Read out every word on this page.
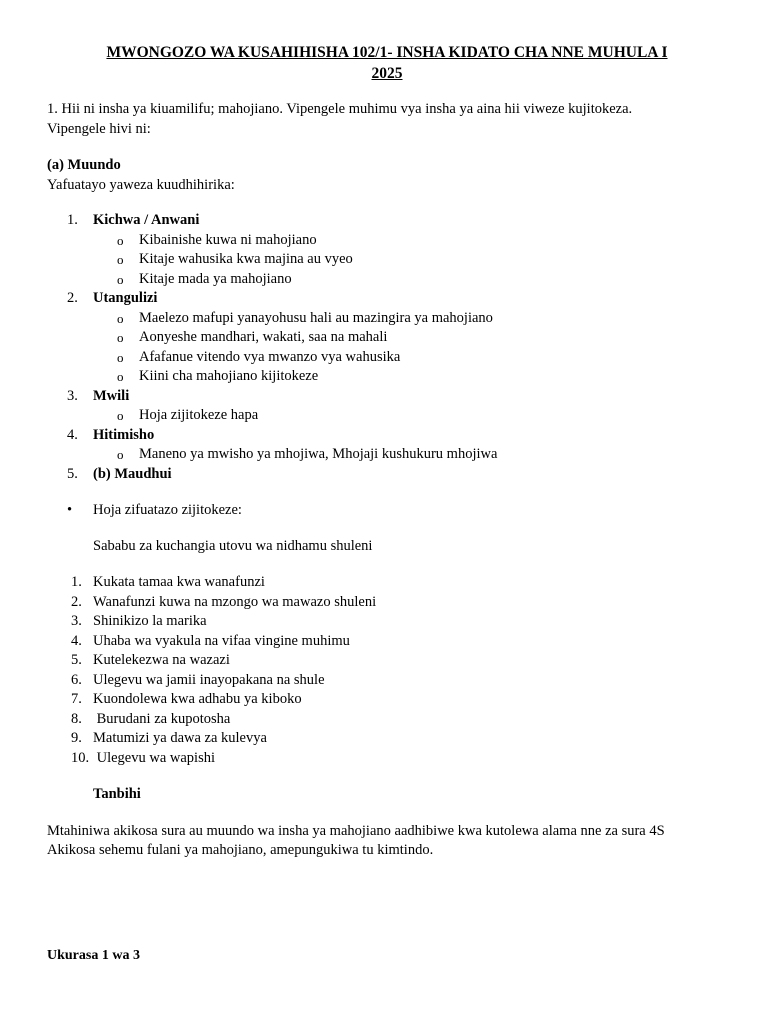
MWONGOZO WA KUSAHIHISHA 102/1- INSHA KIDATO CHA NNE MUHULA I
2025
1. Hii ni insha ya kiuamilifu; mahojiano. Vipengele muhimu vya insha ya aina hii viweze kujitokeza.
Vipengele hivi ni:
(a) Muundo
Yafuatayo yaweza kuudhihirika:
1.	Kichwa / Anwani
o Kibainishe kuwa ni mahojiano
o Kitaje wahusika kwa majina au vyeo
o Kitaje mada ya mahojiano
2.	Utangulizi
o Maelezo mafupi yanayohusu hali au mazingira ya mahojiano
o Aonyeshe mandhari, wakati, saa na mahali
o Afafanue vitendo vya mwanzo vya wahusika
o Kiini cha mahojiano kijitokeze
3.	Mwili
o Hoja zijitokeze hapa
4.	Hitimisho
o Maneno ya mwisho ya mhojiwa, Mhojaji kushukuru mhojiwa
5.	(b) Maudhui
• Hoja zifuatazo zijitokeze:
Sababu za kuchangia utovu wa nidhamu shuleni
1. Kukata tamaa kwa wanafunzi
2. Wanafunzi kuwa na mzongo wa mawazo shuleni
3. Shinikizo la marika
4. Uhaba wa vyakula na vifaa vingine muhimu
5. Kutelekezwa na wazazi
6. Ulegevu wa jamii inayopakana na shule
7. Kuondolewa kwa adhabu ya kiboko
8. Burudani za kupotosha
9. Matumizi ya dawa za kulevya
10. Ulegevu wa wapishi
Tanbihi
Mtahiniwa akikosa sura au muundo wa insha ya mahojiano aadhibiwe kwa kutolewa alama nne za sura 4S
Akikosa sehemu fulani ya mahojiano, amepungukiwa tu kimtindo.
Ukurasa 1 wa 3
